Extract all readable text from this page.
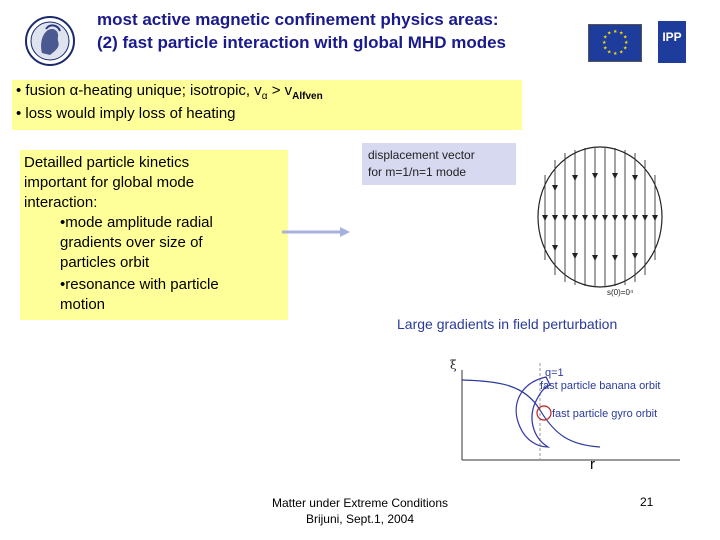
most active magnetic confinement physics areas:
(2) fast particle interaction with global MHD modes
★ ★
★
★
★
★
★
★
★
★
★
★	IPP
• fusion α-heating unique; isotropic, $v_\alpha > v_{Alfven}$
• loss would imply loss of heating
Detailled particle kinetics
important for global mode
interaction:
•mode amplitude radial
gradients over size of
particles orbit
•resonance with particle
motion
displacement vector
for m=1/n=1 mode
s(0)=0⁴
Large gradients in field perturbation
ξ
q=1
fast particle banana orbit
fast particle gyro orbit
r
Matter under Extreme Conditions
Brijuni, Sept.1, 2004
21
